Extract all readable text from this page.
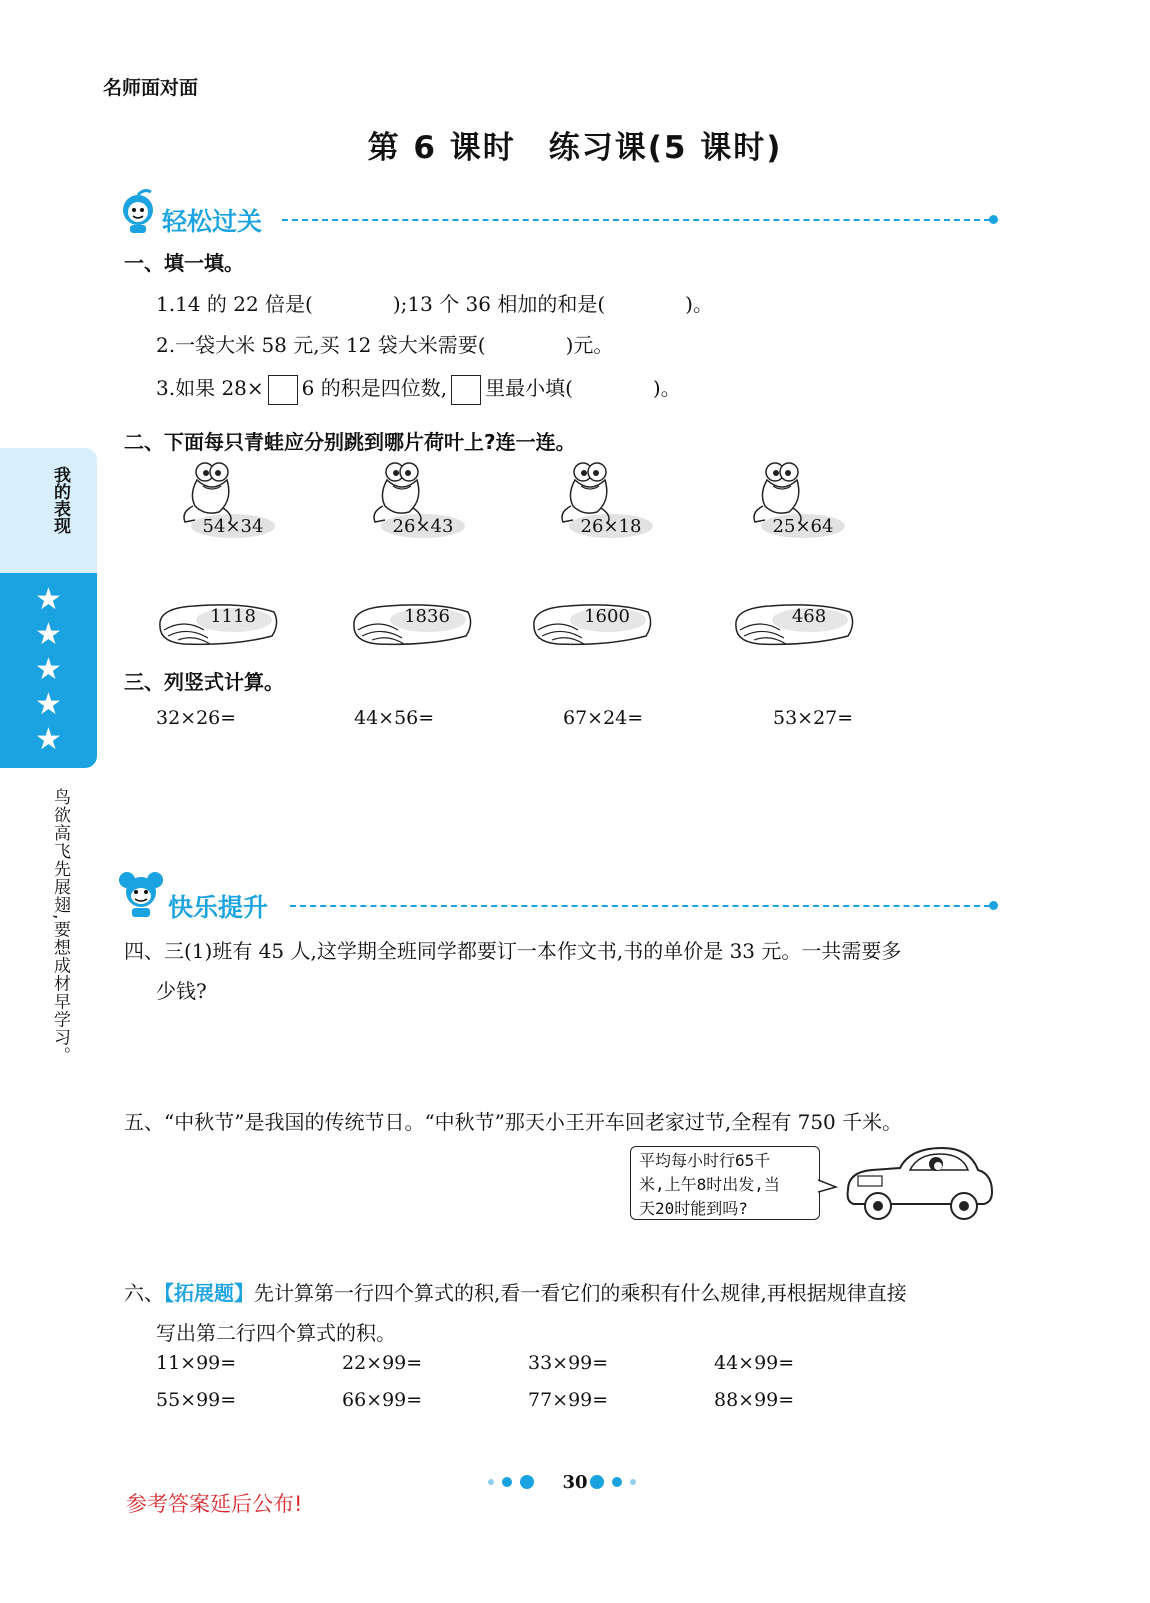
名师面对面
第 6 课时　练习课(5 课时)
轻松过关
一、填一填。
1.14 的 22 倍是(　　　　);13 个 36 相加的和是(　　　　)。
2.一袋大米 58 元,买 12 袋大米需要(　　　　)元。
3.如果 28× 6 的积是四位数, 里最小填(　　　　)。
二、下面每只青蛙应分别跳到哪片荷叶上?连一连。
54×34	26×43	26×18	25×64
1118	1836	1600	468
三、列竖式计算。
32×26=	44×56=	67×24=	53×27=
快乐提升
四、三(1)班有 45 人,这学期全班同学都要订一本作文书,书的单价是 33 元。一共需要多
少钱?
五、“中秋节”是我国的传统节日。“中秋节”那天小王开车回老家过节,全程有 750 千米。
平均每小时行65千
米,上午8时出发,当
天20时能到吗?
六、【拓展题】先计算第一行四个算式的积,看一看它们的乘积有什么规律,再根据规律直接
写出第二行四个算式的积。
11×99=	22×99=	33×99=	44×99=
55×99=	66×99=	77×99=	88×99=
我的表现
★
★
★
★
★
鸟欲高飞先展翅,要想成材早学习。
30
参考答案延后公布!
